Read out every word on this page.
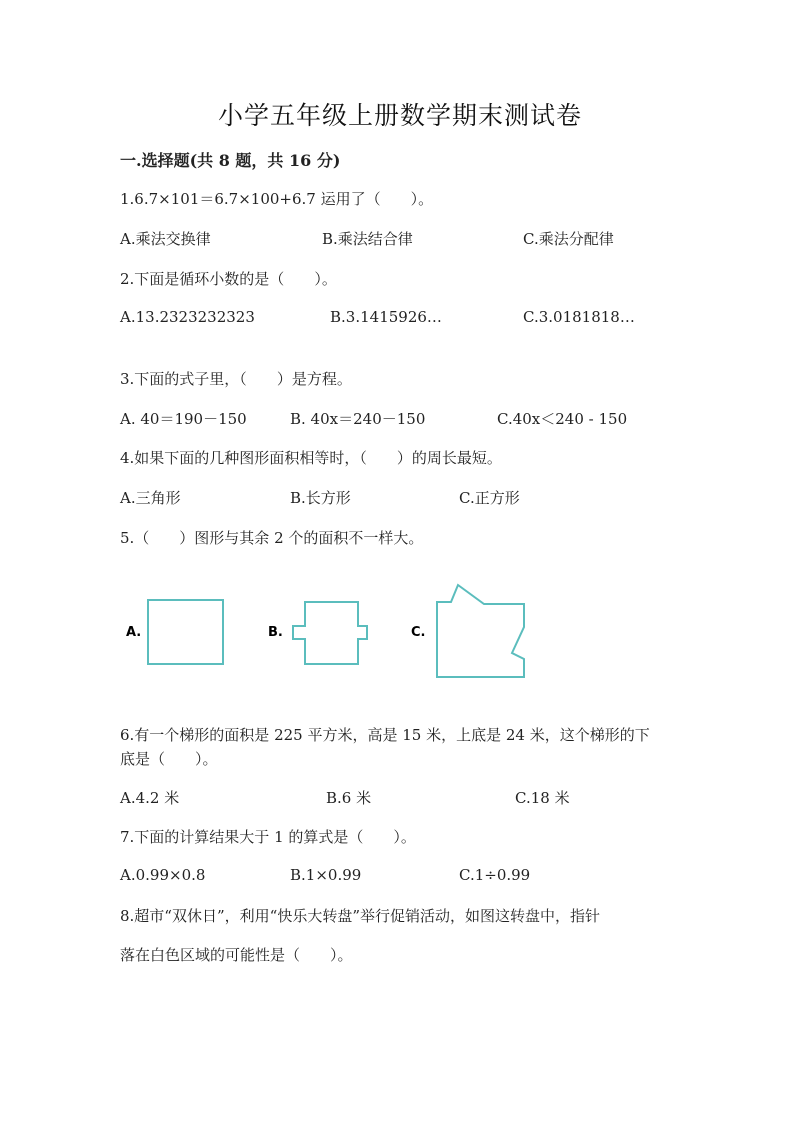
小学五年级上册数学期末测试卷
一.选择题(共 8 题，共 16 分)
1.6.7×101＝6.7×100+6.7 运用了（　　）。
A.乘法交换律	B.乘法结合律	C.乘法分配律
2.下面是循环小数的是（　　）。
A.13.2323232323	B.3.1415926…	C.3.0181818…
3.下面的式子里，（　　）是方程。
A. 40＝190－150	B. 40x＝240－150	C.40x＜240 - 150
4.如果下面的几种图形面积相等时，（　　）的周长最短。
A.三角形	B.长方形	C.正方形
5.（　　）图形与其余 2 个的面积不一样大。
A.	B.	C.
6.有一个梯形的面积是 225 平方米，高是 15 米，上底是 24 米，这个梯形的下
底是（　　）。
A.4.2 米	B.6 米	C.18 米
7.下面的计算结果大于 1 的算式是（　　）。
A.0.99×0.8	B.1×0.99	C.1÷0.99
8.超市“双休日”，利用“快乐大转盘”举行促销活动，如图这转盘中，指针
落在白色区域的可能性是（　　）。
